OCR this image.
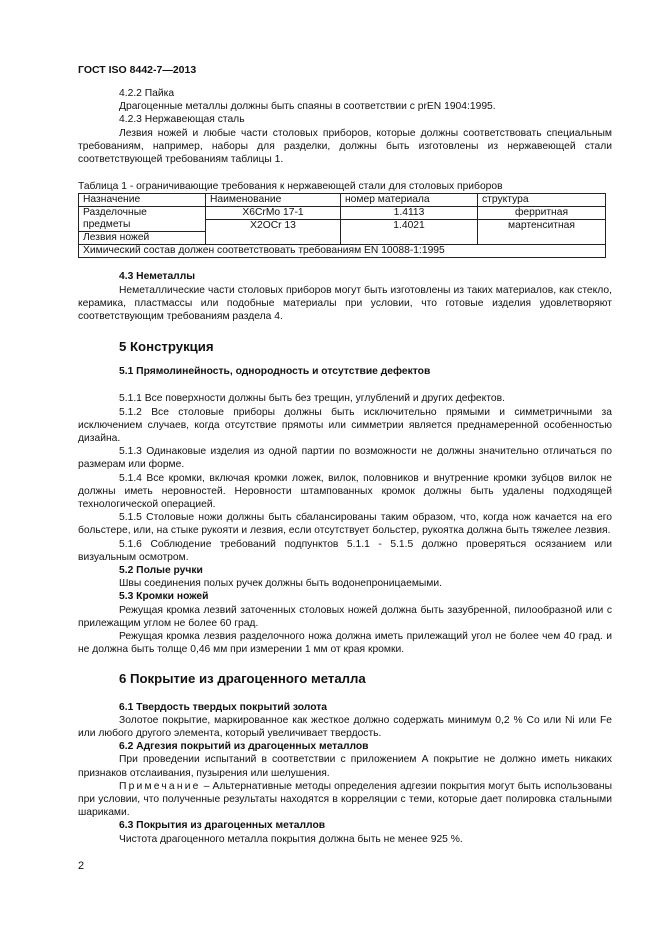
ГОСТ ISO 8442-7—2013

4.2.2 Пайка

Драгоценные металлы должны быть спаяны в соответствии с prEN 1904:1995.

4.2.3 Нержавеющая сталь

Лезвия ножей и любые части столовых приборов, которые должны соответствовать специальным требованиям, например, наборы для разделки, должны быть изготовлены из нержавеющей стали соответствующей требованиям таблицы 1.

Таблица 1 - ограничивающие требования к нержавеющей стали для столовых приборов

Назначение	Наименование	номер материала	структура
Разделочные
предметы	X6CrMo 17-1	1.4113	ферритная
	X2OCr 13	1.4021	мартенситная
Лезвия ножей			
Химический состав должен соответствовать требованиям EN 10088-1:1995			

4.3 Неметаллы

Неметаллические части столовых приборов могут быть изготовлены из таких материалов, как стекло, керамика, пластмассы или подобные материалы при условии, что готовые изделия удовлетворяют соответствующим требованиям раздела 4.

5 Конструкция

5.1 Прямолинейность, однородность и отсутствие дефектов

5.1.1 Все поверхности должны быть без трещин, углублений и других дефектов.

5.1.2 Все столовые приборы должны быть исключительно прямыми и симметричными за исключением случаев, когда отсутствие прямоты или симметрии является преднамеренной особенностью дизайна.

5.1.3 Одинаковые изделия из одной партии по возможности не должны значительно отличаться по размерам или форме.

5.1.4 Все кромки, включая кромки ложек, вилок, половников и внутренние кромки зубцов вилок не должны иметь неровностей. Неровности штампованных кромок должны быть удалены подходящей технологической операцией.

5.1.5 Столовые ножи должны быть сбалансированы таким образом, что, когда нож качается на его больстере, или, на стыке рукояти и лезвия, если отсутствует больстер, рукоятка должна быть тяжелее лезвия.

5.1.6 Соблюдение требований подпунктов 5.1.1 - 5.1.5 должно проверяться осязанием или визуальным осмотром.

5.2 Полые ручки

Швы соединения полых ручек должны быть водонепроницаемыми.

5.3 Кромки ножей

Режущая кромка лезвий заточенных столовых ножей должна быть зазубренной, пилообразной или с прилежащим углом не более 60 град.

Режущая кромка лезвия разделочного ножа должна иметь прилежащий угол не более чем 40 град. и не должна быть толще 0,46 мм при измерении 1 мм от края кромки.

6 Покрытие из драгоценного металла

6.1 Твердость твердых покрытий золота

Золотое покрытие, маркированное как жесткое должно содержать минимум 0,2 % Co или Ni или Fe или любого другого элемента, который увеличивает твердость.

6.2 Адгезия покрытий из драгоценных металлов

При проведении испытаний в соответствии с приложением А покрытие не должно иметь никаких признаков отслаивания, пузырения или шелушения.

Примечание – Альтернативные методы определения адгезии покрытия могут быть использованы при условии, что полученные результаты находятся в корреляции с теми, которые дает полировка стальными шариками.

6.3 Покрытия из драгоценных металлов

Чистота драгоценного металла покрытия должна быть не менее 925 %.

2
